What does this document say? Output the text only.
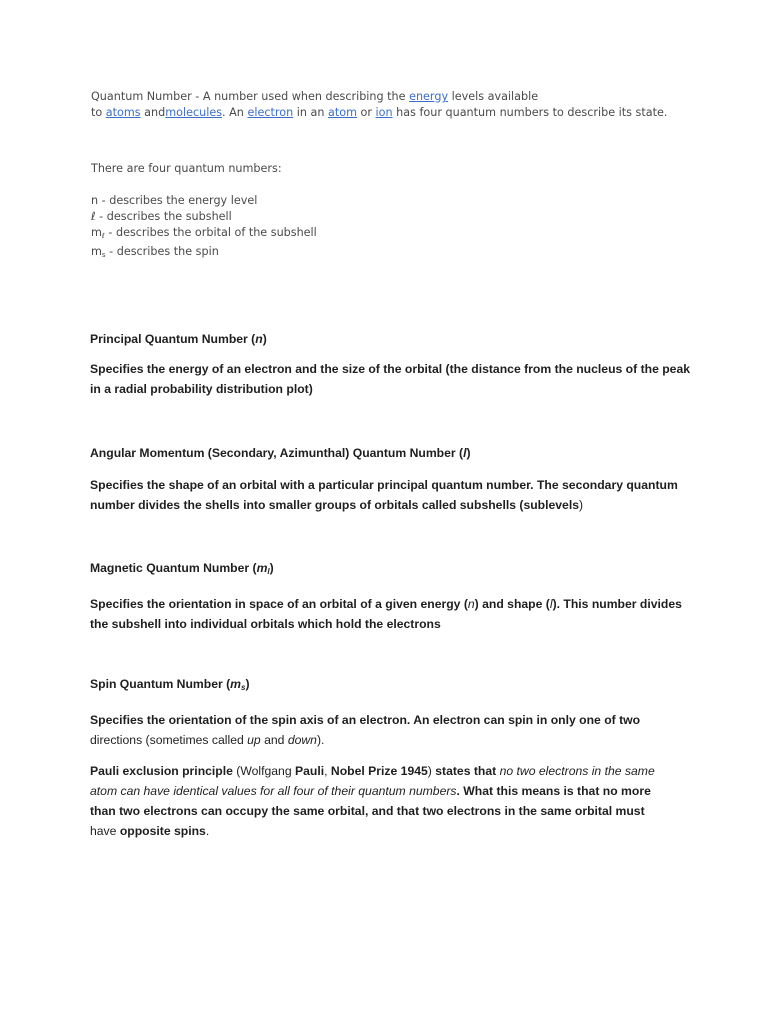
Quantum Number - A number used when describing the energy levels available
to atoms andmolecules. An electron in an atom or ion has four quantum numbers to describe its state.
There are four quantum numbers:
n - describes the energy level
ℓ - describes the subshell
$m_\ell$ - describes the orbital of the subshell
$m_s$ - describes the spin
Principal Quantum Number (n)

Specifies the energy of an electron and the size of the orbital (the distance from the nucleus of the peak
in a radial probability distribution plot)

Angular Momentum (Secondary, Azimunthal) Quantum Number (l)

Specifies the shape of an orbital with a particular principal quantum number. The secondary quantum
number divides the shells into smaller groups of orbitals called subshells (sublevels)

Magnetic Quantum Number $(m_l)$

Specifies the orientation in space of an orbital of a given energy (n) and shape (l). This number divides
the subshell into individual orbitals which hold the electrons

Spin Quantum Number $(m_s)$

Specifies the orientation of the spin axis of an electron. An electron can spin in only one of two
directions (sometimes called up and down).

Pauli exclusion principle (Wolfgang Pauli, Nobel Prize 1945) states that no two electrons in the same
atom can have identical values for all four of their quantum numbers. What this means is that no more
than two electrons can occupy the same orbital, and that two electrons in the same orbital must
have opposite spins.
